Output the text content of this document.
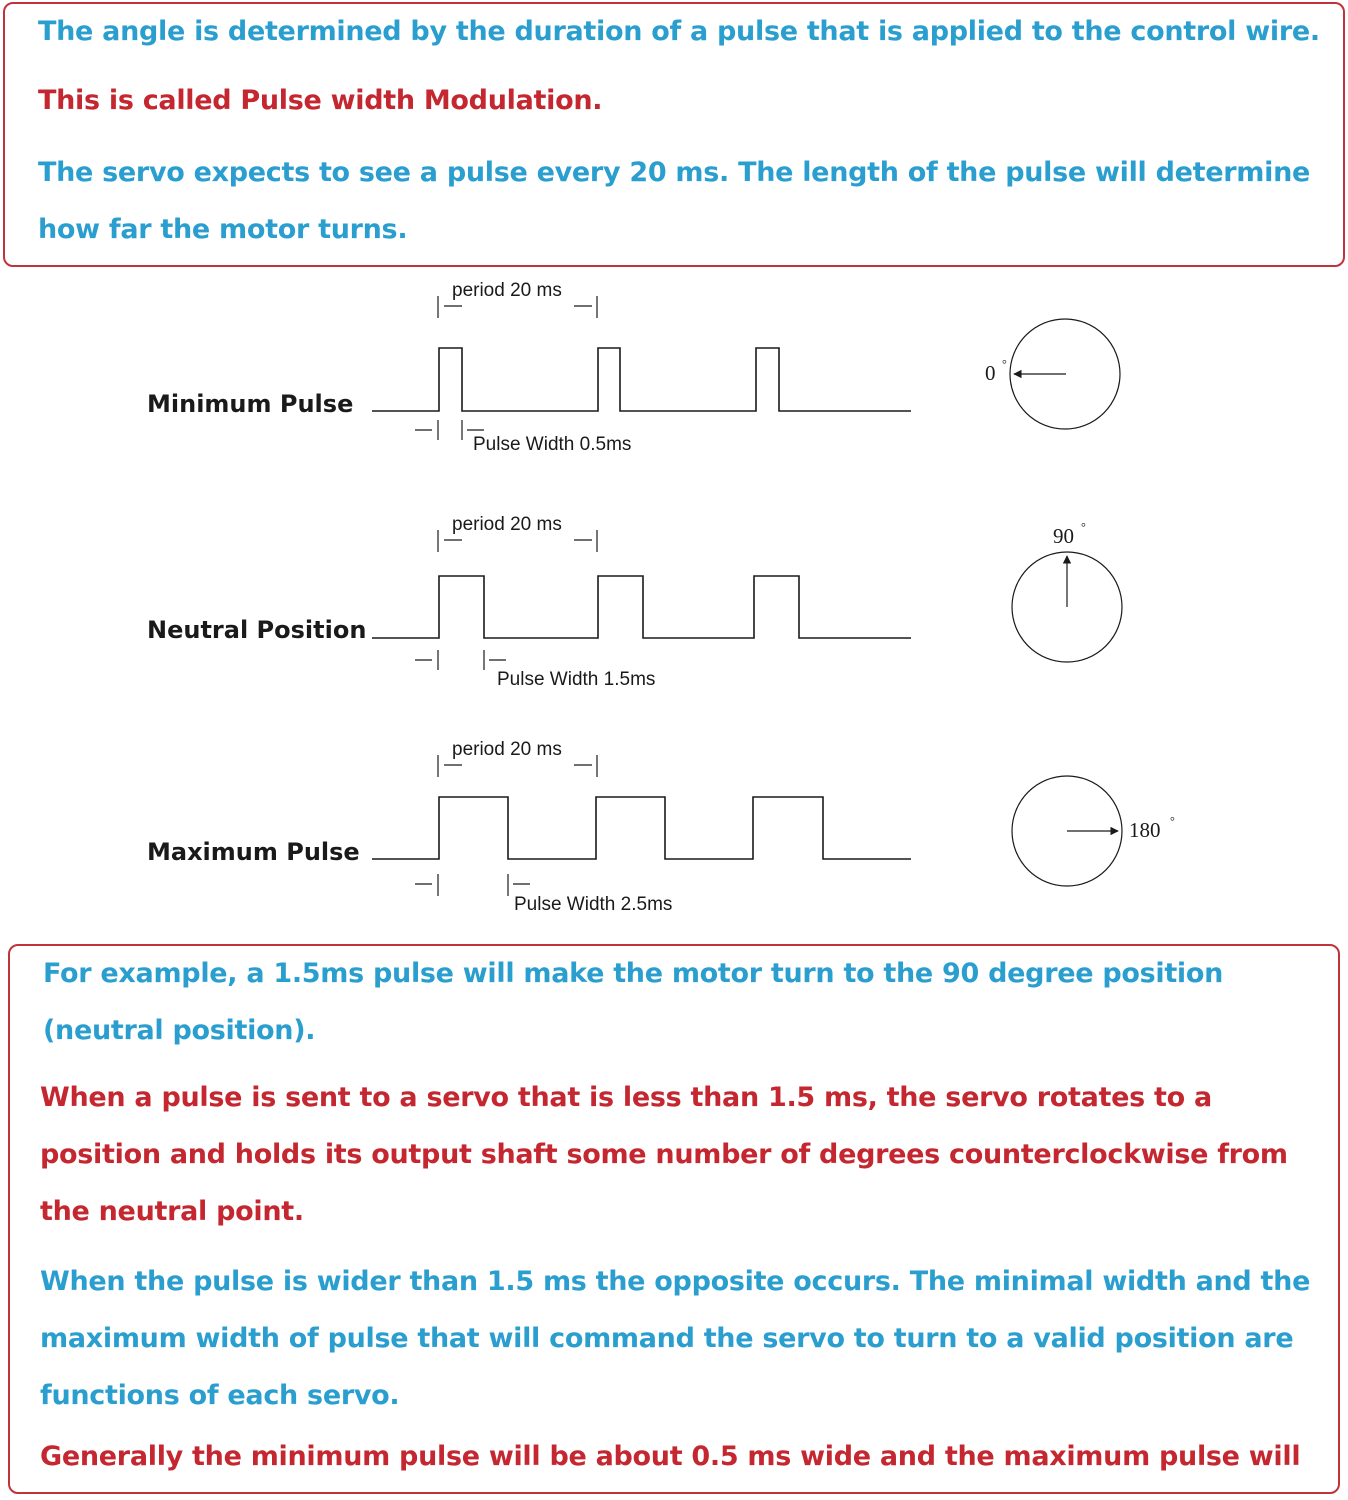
The angle is determined by the duration of a pulse that is applied to the control wire.

This is called Pulse width Modulation.

The servo expects to see a pulse every 20 ms. The length of the pulse will determine

how far the motor turns.

Minimum Pulse
period 20 ms
Pulse Width 0.5ms
0 °
Neutral Position
period 20 ms
Pulse Width 1.5ms
90 °
Maximum Pulse
period 20 ms
Pulse Width 2.5ms
180 °

For example, a 1.5ms pulse will make the motor turn to the 90 degree position

(neutral position).

When a pulse is sent to a servo that is less than 1.5 ms, the servo rotates to a

position and holds its output shaft some number of degrees counterclockwise from

the neutral point.

When the pulse is wider than 1.5 ms the opposite occurs. The minimal width and the

maximum width of pulse that will command the servo to turn to a valid position are

functions of each servo.

Generally the minimum pulse will be about 0.5 ms wide and the maximum pulse will
